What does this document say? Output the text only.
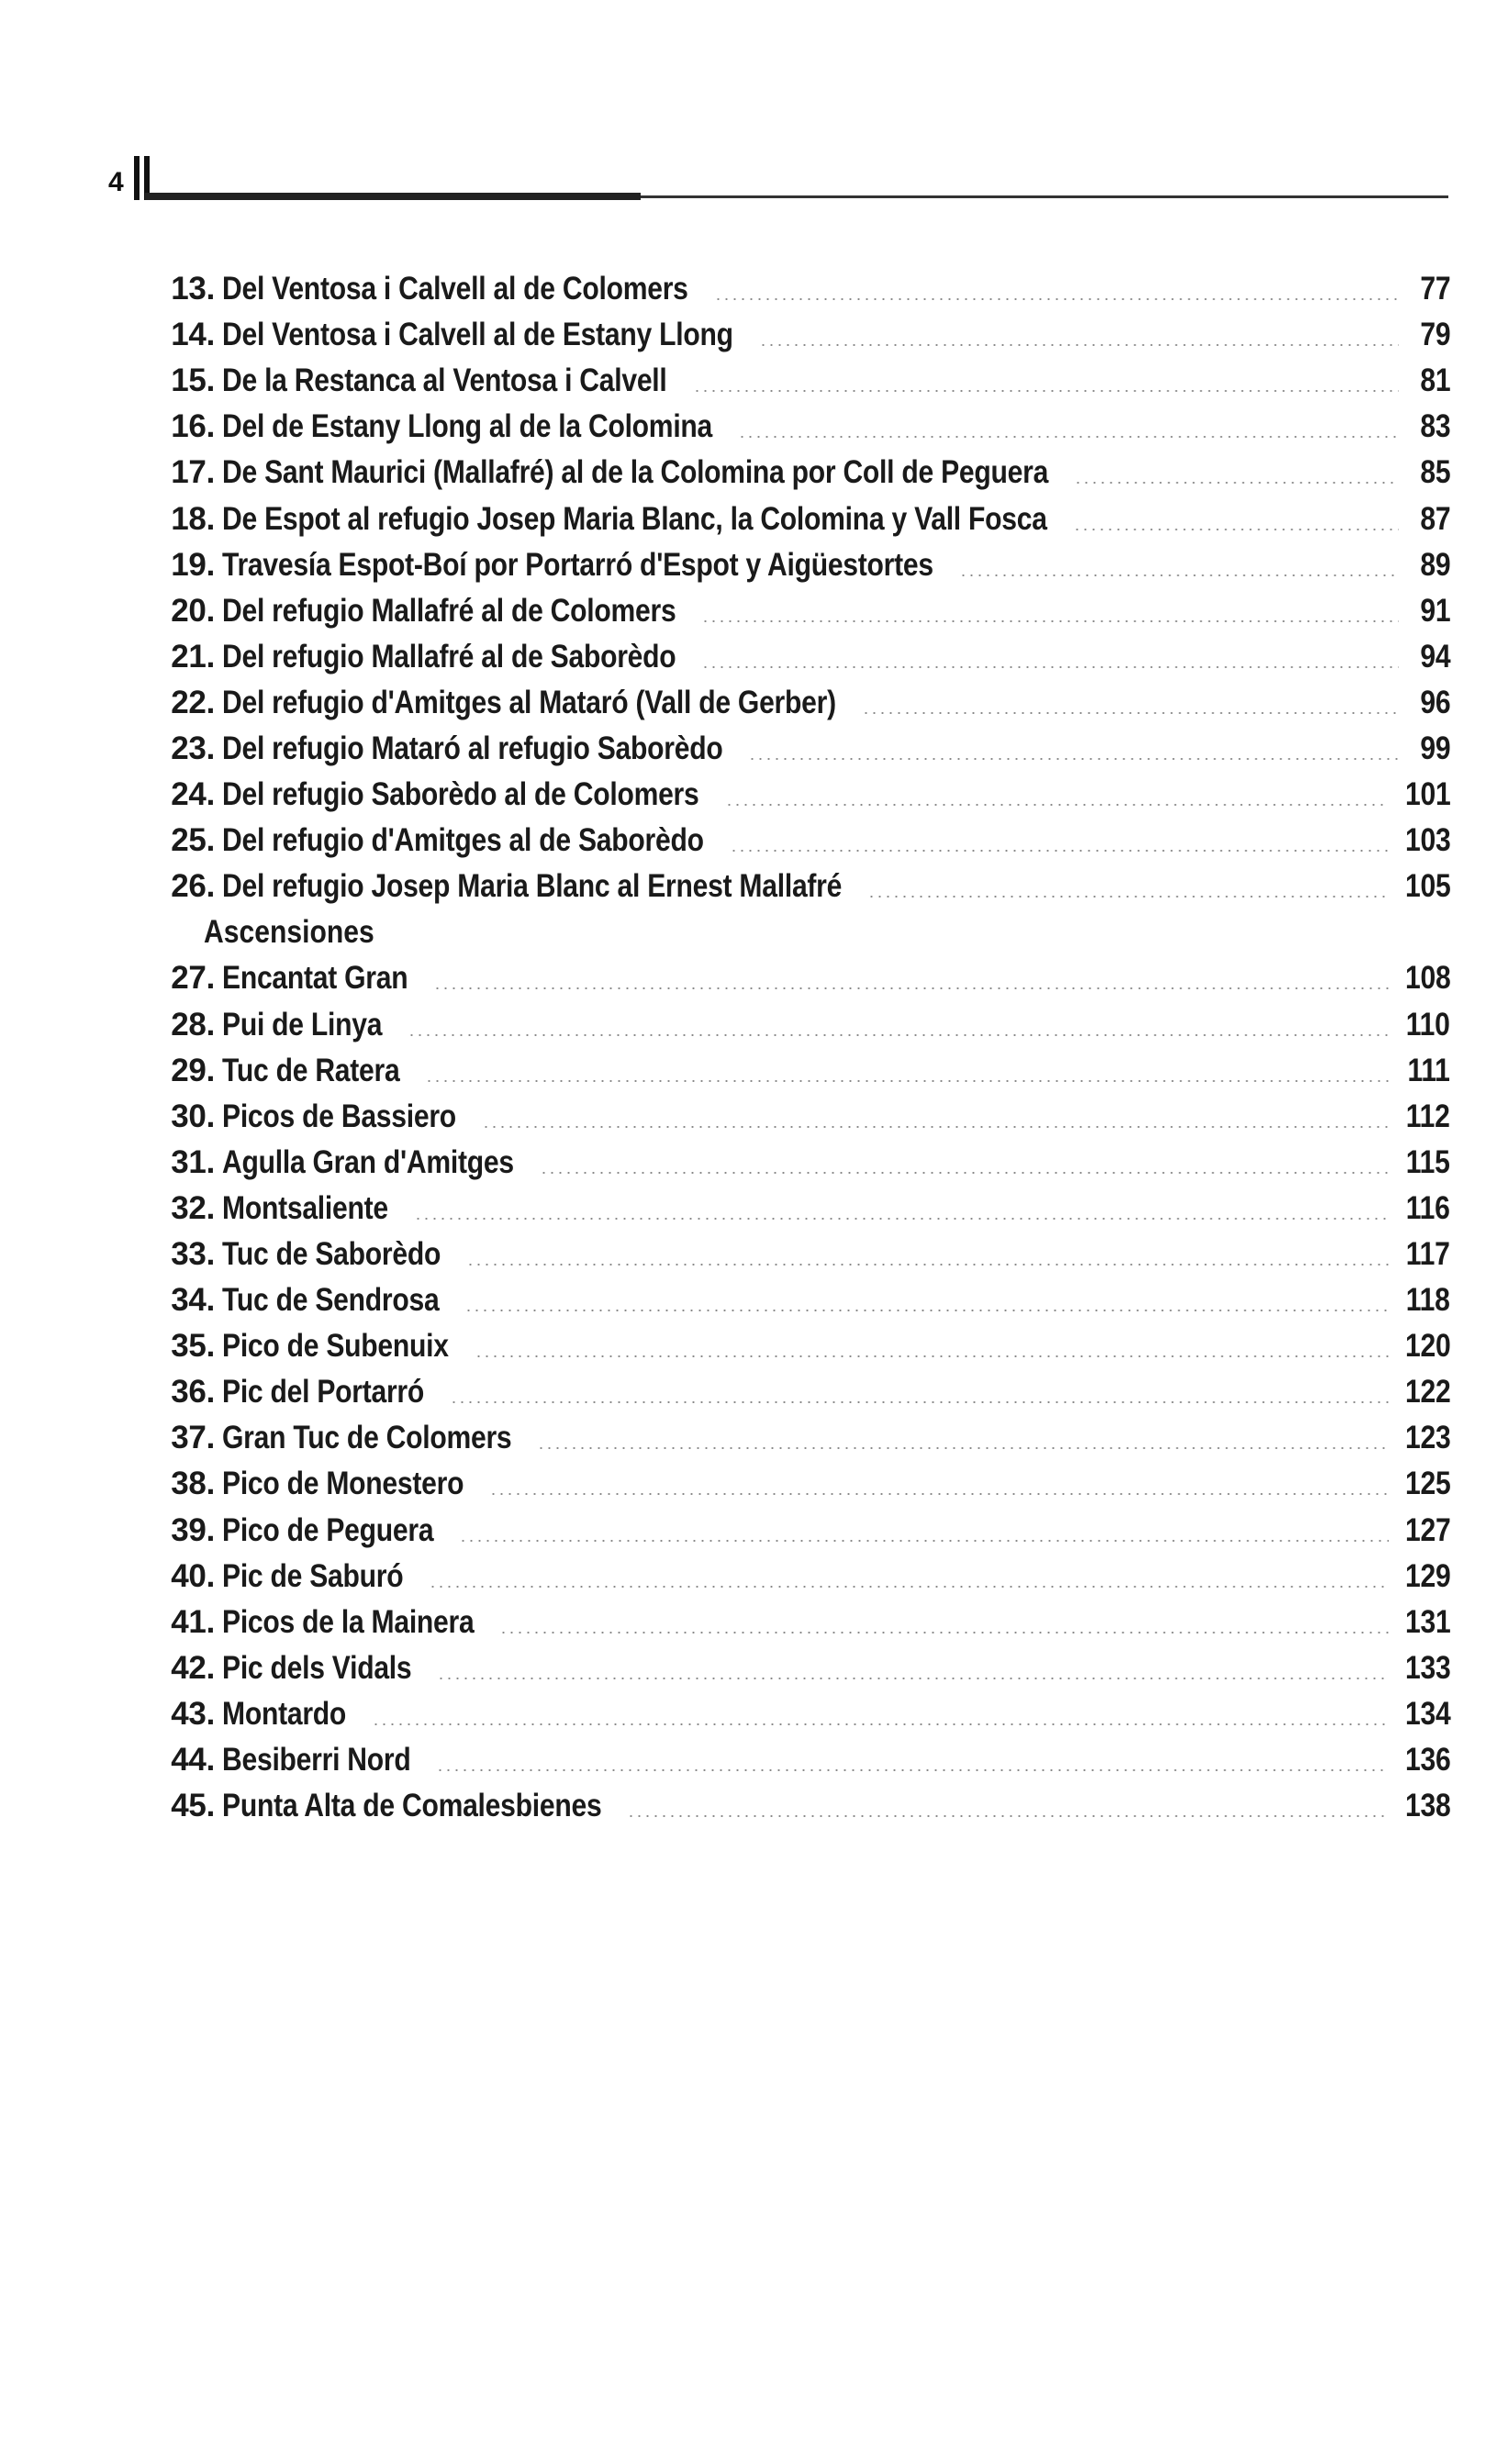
4
13. Del Ventosa i Calvell al de Colomers	77
14. Del Ventosa i Calvell al de Estany Llong	79
15. De la Restanca al Ventosa i Calvell	81
16. Del de Estany Llong al de la Colomina	83
17. De Sant Maurici (Mallafré) al de la Colomina por Coll de Peguera	85
18. De Espot al refugio Josep Maria Blanc, la Colomina y Vall Fosca	87
19. Travesía Espot-Boí por Portarró d'Espot y Aigüestortes	89
20. Del refugio Mallafré al de Colomers	91
21. Del refugio Mallafré al de Saborèdo	94
22. Del refugio d'Amitges al Mataró (Vall de Gerber)	96
23. Del refugio Mataró al refugio Saborèdo	99
24. Del refugio Saborèdo al de Colomers	101
25. Del refugio d'Amitges al de Saborèdo	103
26. Del refugio Josep Maria Blanc al Ernest Mallafré	105
Ascensiones
27. Encantat Gran	108
28. Pui de Linya	110
29. Tuc de Ratera	111
30. Picos de Bassiero	112
31. Agulla Gran d'Amitges	115
32. Montsaliente	116
33. Tuc de Saborèdo	117
34. Tuc de Sendrosa	118
35. Pico de Subenuix	120
36. Pic del Portarró	122
37. Gran Tuc de Colomers	123
38. Pico de Monestero	125
39. Pico de Peguera	127
40. Pic de Saburó	129
41. Picos de la Mainera	131
42. Pic dels Vidals	133
43. Montardo	134
44. Besiberri Nord	136
45. Punta Alta de Comalesbienes	138
